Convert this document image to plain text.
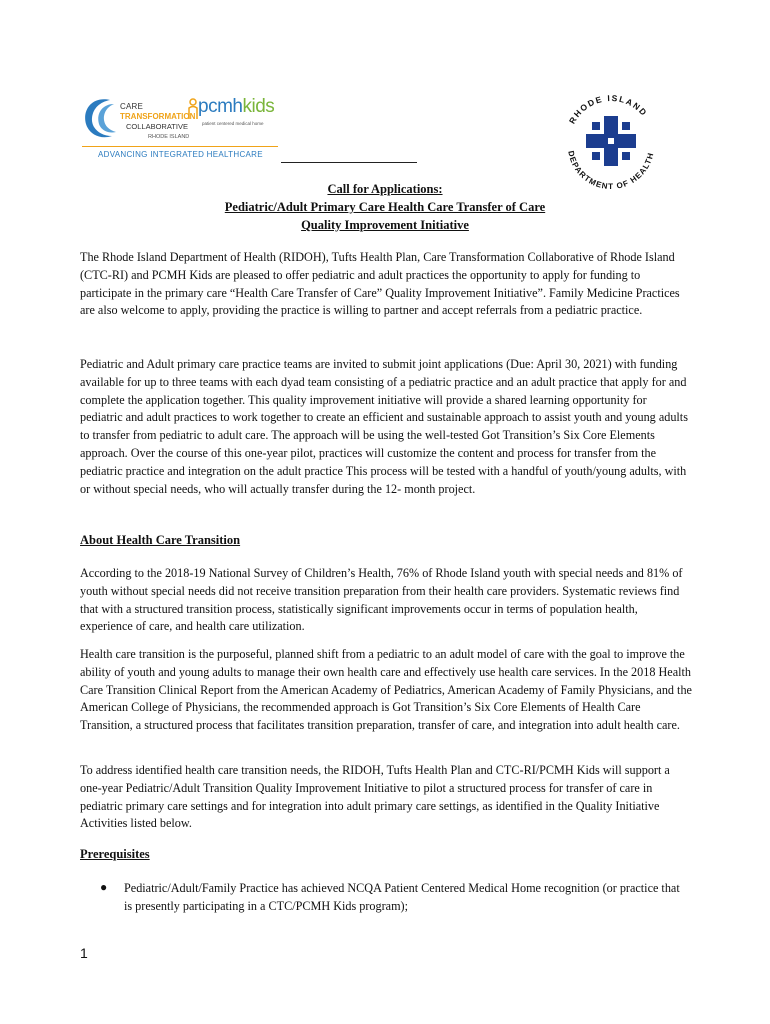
CARE
TRANSFORMATION
COLLABORATIVE
RHODE ISLAND
pcmhkids
patient centered medical home
ADVANCING INTEGRATED HEALTHCARE
RHODE ISLAND
DEPARTMENT OF HEALTH
Call for Applications:
Pediatric/Adult Primary Care Health Care Transfer of Care
Quality Improvement Initiative

The Rhode Island Department of Health (RIDOH), Tufts Health Plan, Care Transformation Collaborative of Rhode Island (CTC-RI) and PCMH Kids are pleased to offer pediatric and adult practices the opportunity to apply for funding to participate in the primary care “Health Care Transfer of Care” Quality Improvement Initiative”. Family Medicine Practices are also welcome to apply, providing the practice is willing to partner and accept referrals from a pediatric practice.

Pediatric and Adult primary care practice teams are invited to submit joint applications (Due: April 30, 2021) with funding available for up to three teams with each dyad team consisting of a pediatric practice and an adult practice that apply for and complete the application together. This quality improvement initiative will provide a shared learning opportunity for pediatric and adult practices to work together to create an efficient and sustainable approach to assist youth and young adults to transfer from pediatric to adult care. The approach will be using the well-tested Got Transition’s Six Core Elements approach. Over the course of this one-year pilot, practices will customize the content and process for transfer from the pediatric practice and integration on the adult practice This process will be tested with a handful of youth/young adults, with or without special needs, who will actually transfer during the 12- month project.

About Health Care Transition

According to the 2018-19 National Survey of Children’s Health, 76% of Rhode Island youth with special needs and 81% of youth without special needs did not receive transition preparation from their health care providers. Systematic reviews find that with a structured transition process, statistically significant improvements occur in terms of population health, experience of care, and health care utilization.

Health care transition is the purposeful, planned shift from a pediatric to an adult model of care with the goal to improve the ability of youth and young adults to manage their own health care and effectively use health care services. In the 2018 Health Care Transition Clinical Report from the American Academy of Pediatrics, American Academy of Family Physicians, and the American College of Physicians, the recommended approach is Got Transition’s Six Core Elements of Health Care Transition, a structured process that facilitates transition preparation, transfer of care, and integration into adult health care.

To address identified health care transition needs, the RIDOH, Tufts Health Plan and CTC-RI/PCMH Kids will support a one-year Pediatric/Adult Transition Quality Improvement Initiative to pilot a structured process for transfer of care in pediatric primary care settings and for integration into adult primary care settings, as identified in the Quality Initiative Activities listed below.

Prerequisites
● Pediatric/Adult/Family Practice has achieved NCQA Patient Centered Medical Home recognition (or practice that is presently participating in a CTC/PCMH Kids program);

1
